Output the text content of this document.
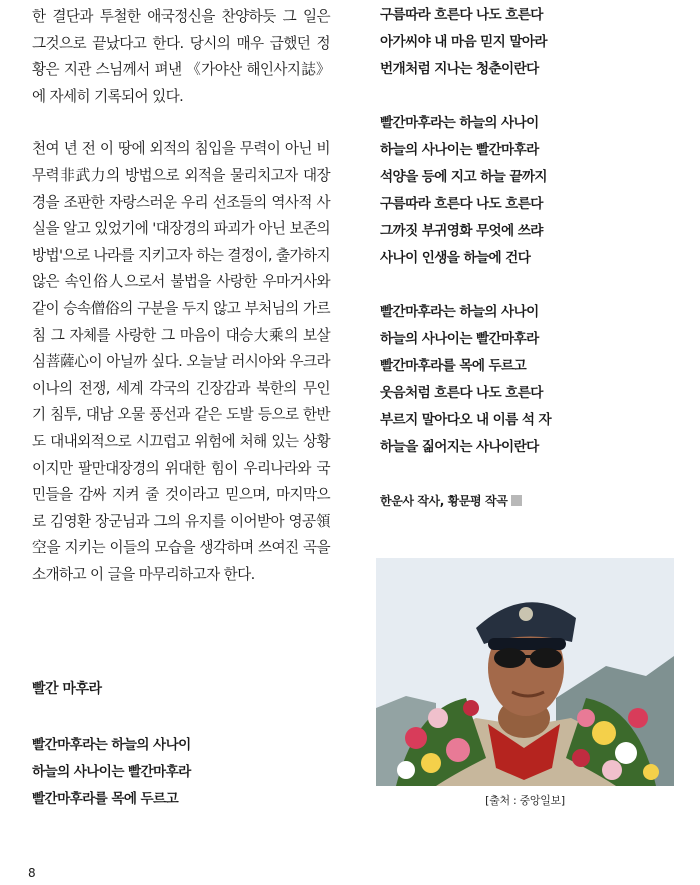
한 결단과 투철한 애국정신을 찬양하듯 그 일은 그것으로 끝났다고 한다. 당시의 매우 급했던 정황은 지관 스님께서 펴낸 《가야산 해인사지誌》에 자세히 기록되어 있다.

천여 년 전 이 땅에 외적의 침입을 무력이 아닌 비무력非武力의 방법으로 외적을 물리치고자 대장경을 조판한 자랑스러운 우리 선조들의 역사적 사실을 알고 있었기에 '대장경의 파괴가 아닌 보존의 방법'으로 나라를 지키고자 하는 결정이, 출가하지 않은 속인俗人으로서 불법을 사랑한 우마거사와 같이 승속僧俗의 구분을 두지 않고 부처님의 가르침 그 자체를 사랑한 그 마음이 대승大乘의 보살심菩薩心이 아닐까 싶다. 오늘날 러시아와 우크라이나의 전쟁, 세계 각국의 긴장감과 북한의 무인기 침투, 대남 오물 풍선과 같은 도발 등으로 한반도 대내외적으로 시끄럽고 위험에 처해 있는 상황이지만 팔만대장경의 위대한 힘이 우리나라와 국민들을 감싸 지켜 줄 것이라고 믿으며, 마지막으로 김영환 장군님과 그의 유지를 이어받아 영공領空을 지키는 이들의 모습을 생각하며 쓰여진 곡을 소개하고 이 글을 마무리하고자 한다.

빨간 마후라
빨간마후라는 하늘의 사나이
하늘의 사나이는 빨간마후라
빨간마후라를 목에 두르고
구름따라 흐른다 나도 흐른다
아가씨야 내 마음 믿지 말아라
번개처럼 지나는 청춘이란다
빨간마후라는 하늘의 사나이
하늘의 사나이는 빨간마후라
석양을 등에 지고 하늘 끝까지
구름따라 흐른다 나도 흐른다
그까짓 부귀영화 무엇에 쓰랴
사나이 인생을 하늘에 건다
빨간마후라는 하늘의 사나이
하늘의 사나이는 빨간마후라
빨간마후라를 목에 두르고
웃음처럼 흐른다 나도 흐른다
부르지 말아다오 내 이름 석 자
하늘을 짊어지는 사나이란다
한운사 작사, 황문평 작곡
[출처 : 중앙일보]
8
